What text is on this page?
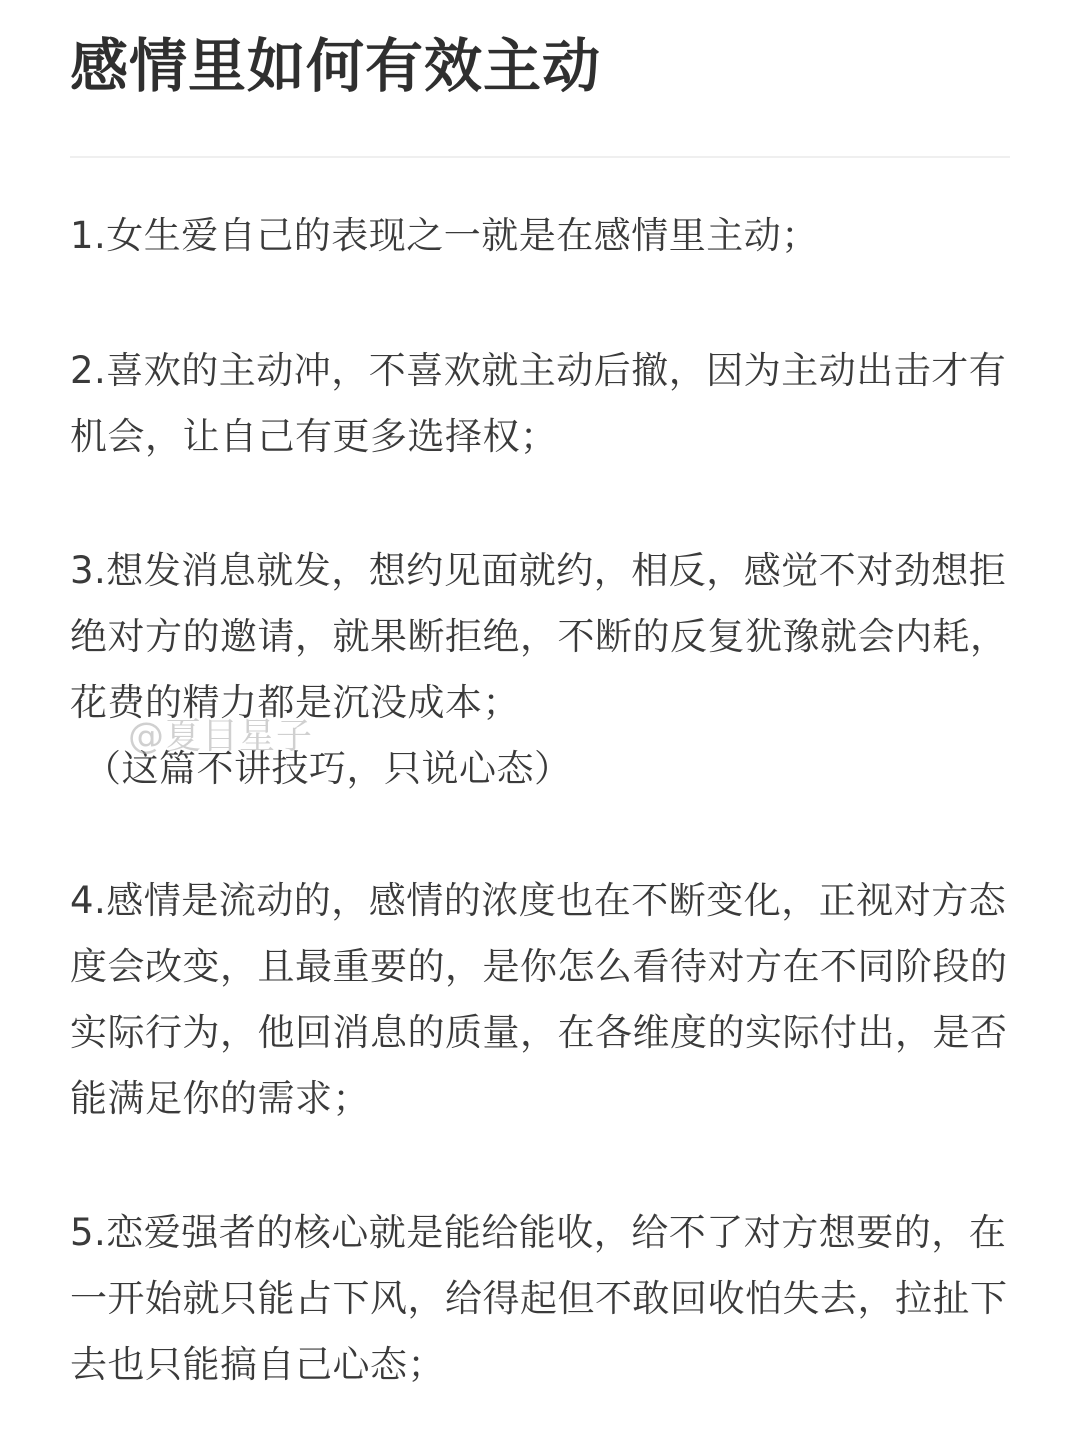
感情里如何有效主动

1.女生爱自己的表现之一就是在感情里主动；

2.喜欢的主动冲，不喜欢就主动后撤，因为主动出击才有机会，让自己有更多选择权；

3.想发消息就发，想约见面就约，相反，感觉不对劲想拒绝对方的邀请，就果断拒绝，不断的反复犹豫就会内耗，花费的精力都是沉没成本；

（这篇不讲技巧，只说心态）

4.感情是流动的，感情的浓度也在不断变化，正视对方态度会改变，且最重要的，是你怎么看待对方在不同阶段的实际行为，他回消息的质量，在各维度的实际付出，是否能满足你的需求；

5.恋爱强者的核心就是能给能收，给不了对方想要的，在一开始就只能占下风，给得起但不敢回收怕失去，拉扯下去也只能搞自己心态；

@夏目星子
